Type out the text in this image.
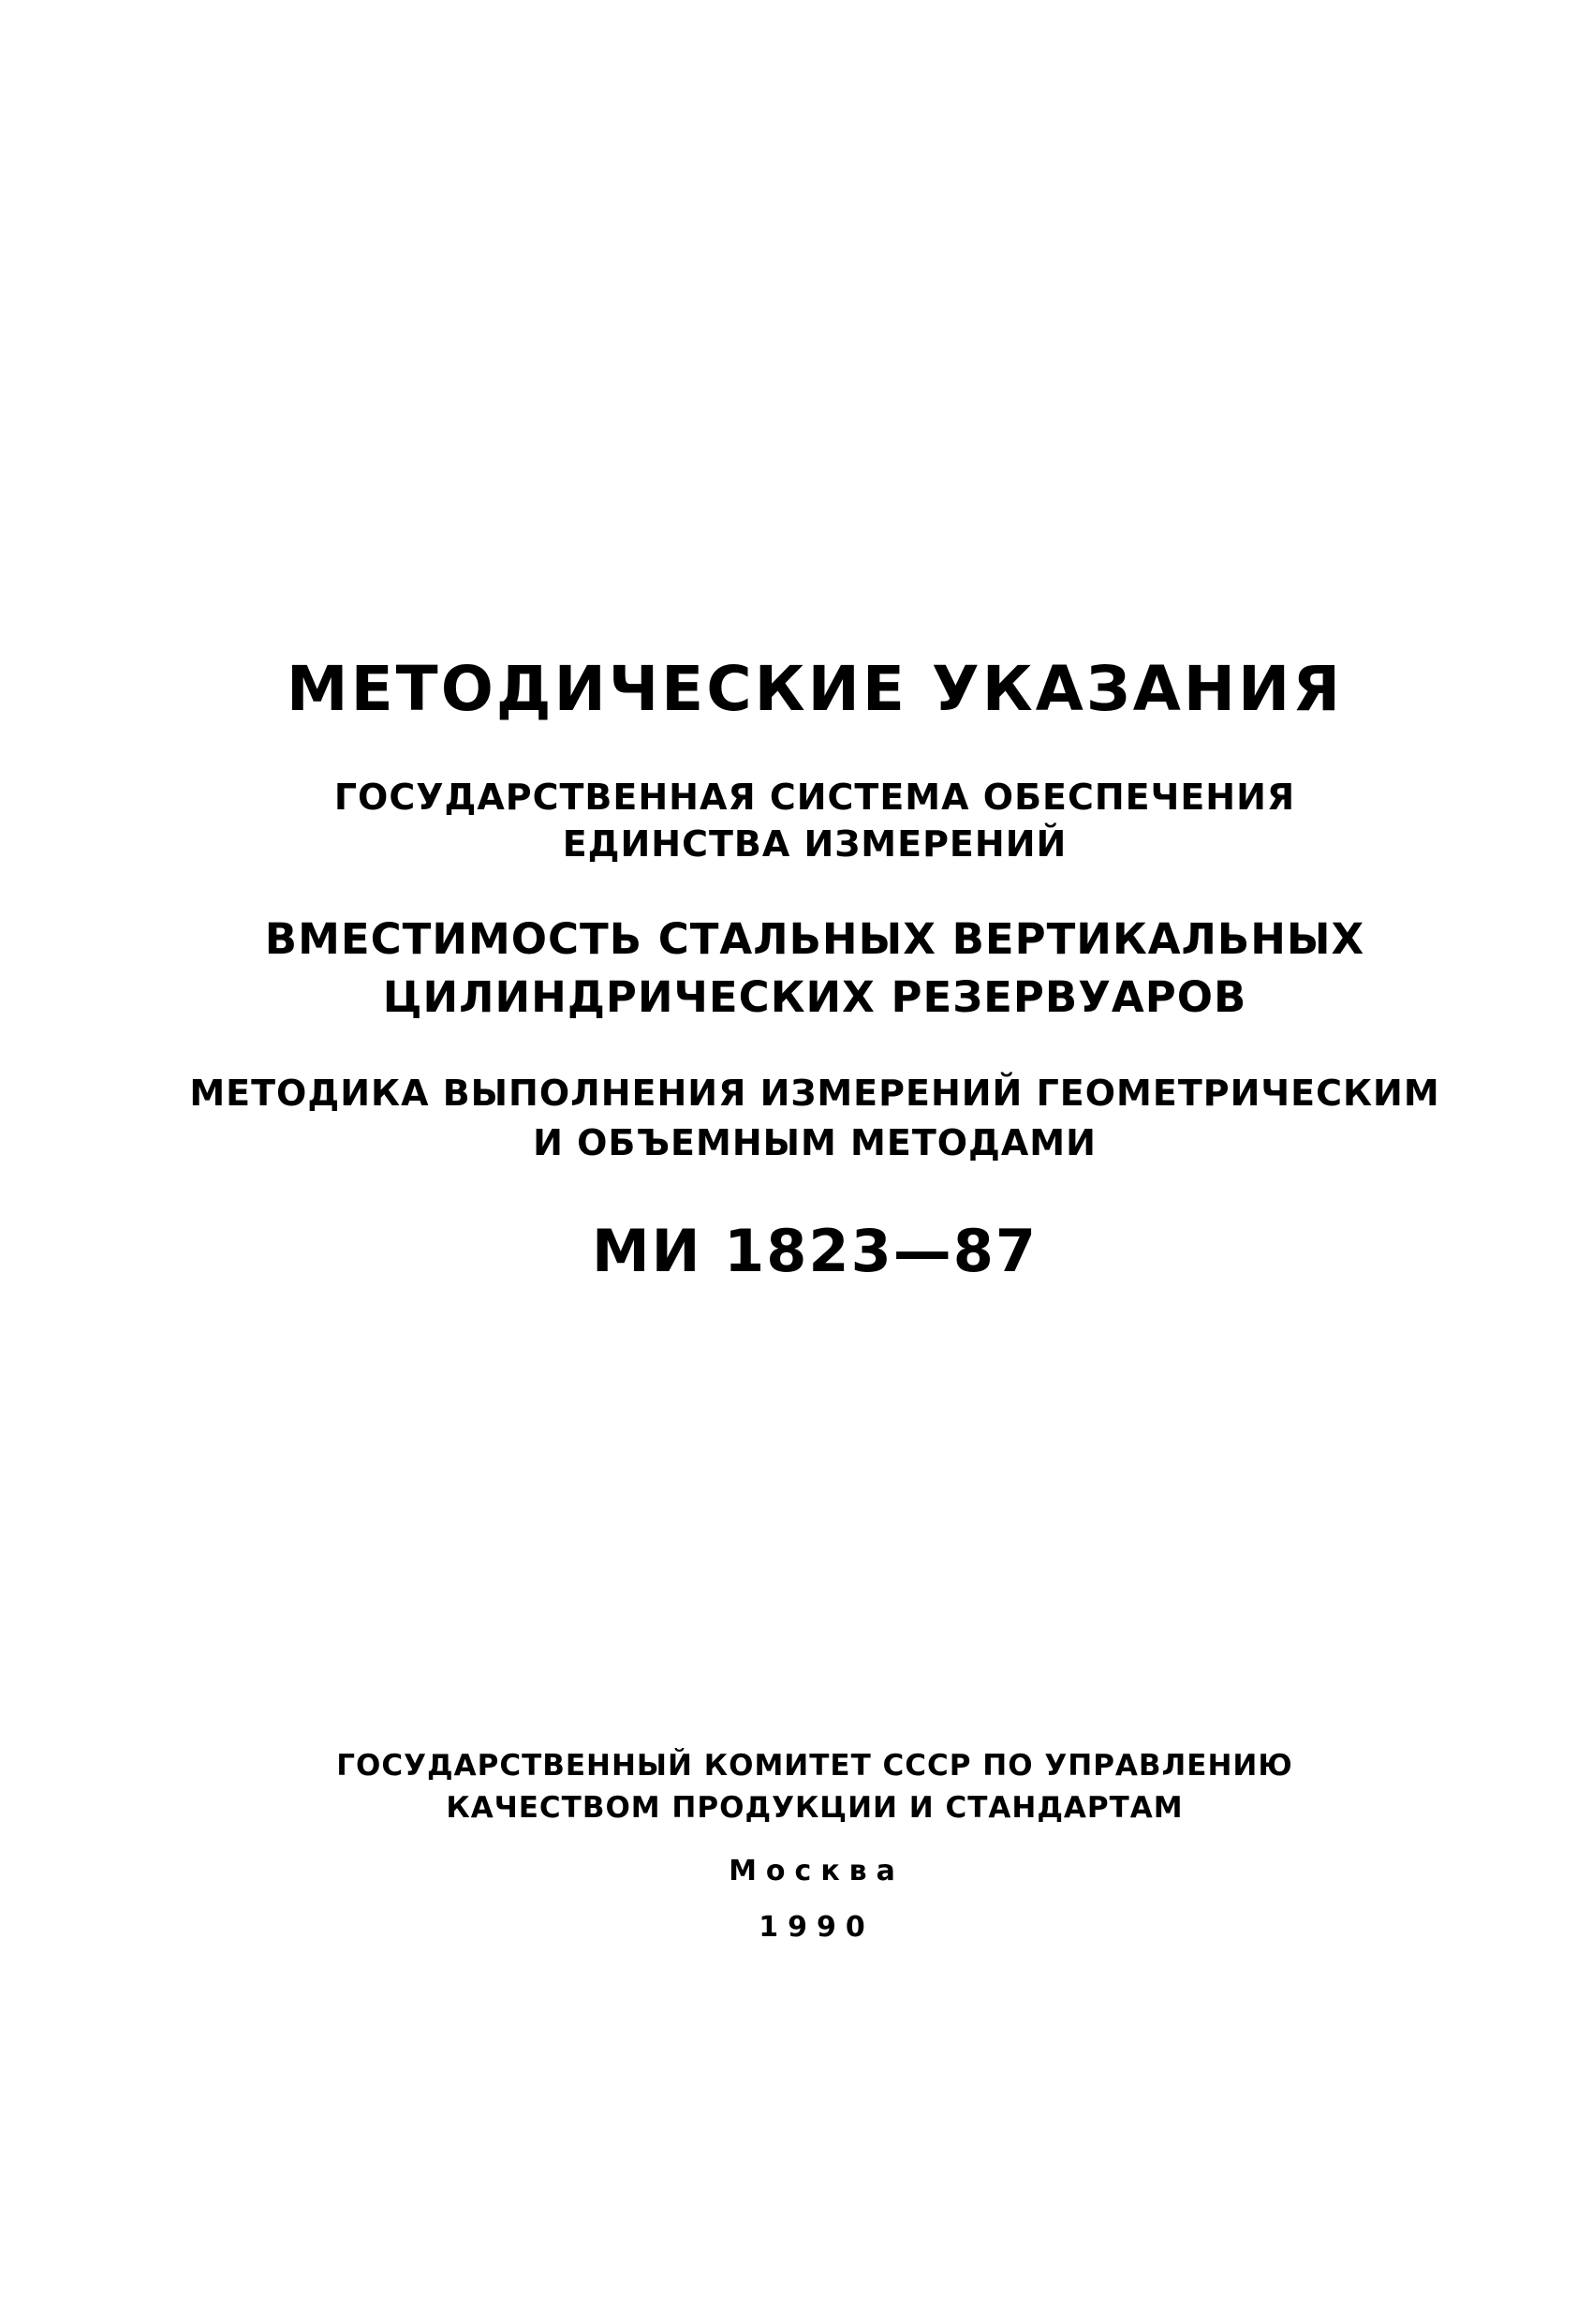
МЕТОДИЧЕСКИЕ УКАЗАНИЯ
ГОСУДАРСТВЕННАЯ СИСТЕМА ОБЕСПЕЧЕНИЯ
ЕДИНСТВА ИЗМЕРЕНИЙ
ВМЕСТИМОСТЬ СТАЛЬНЫХ ВЕРТИКАЛЬНЫХ
ЦИЛИНДРИЧЕСКИХ РЕЗЕРВУАРОВ
МЕТОДИКА ВЫПОЛНЕНИЯ ИЗМЕРЕНИЙ ГЕОМЕТРИЧЕСКИМ
И ОБЪЕМНЫМ МЕТОДАМИ
МИ 1823—87
ГОСУДАРСТВЕННЫЙ КОМИТЕТ СССР ПО УПРАВЛЕНИЮ
КАЧЕСТВОМ ПРОДУКЦИИ И СТАНДАРТАМ
Москва
1990
